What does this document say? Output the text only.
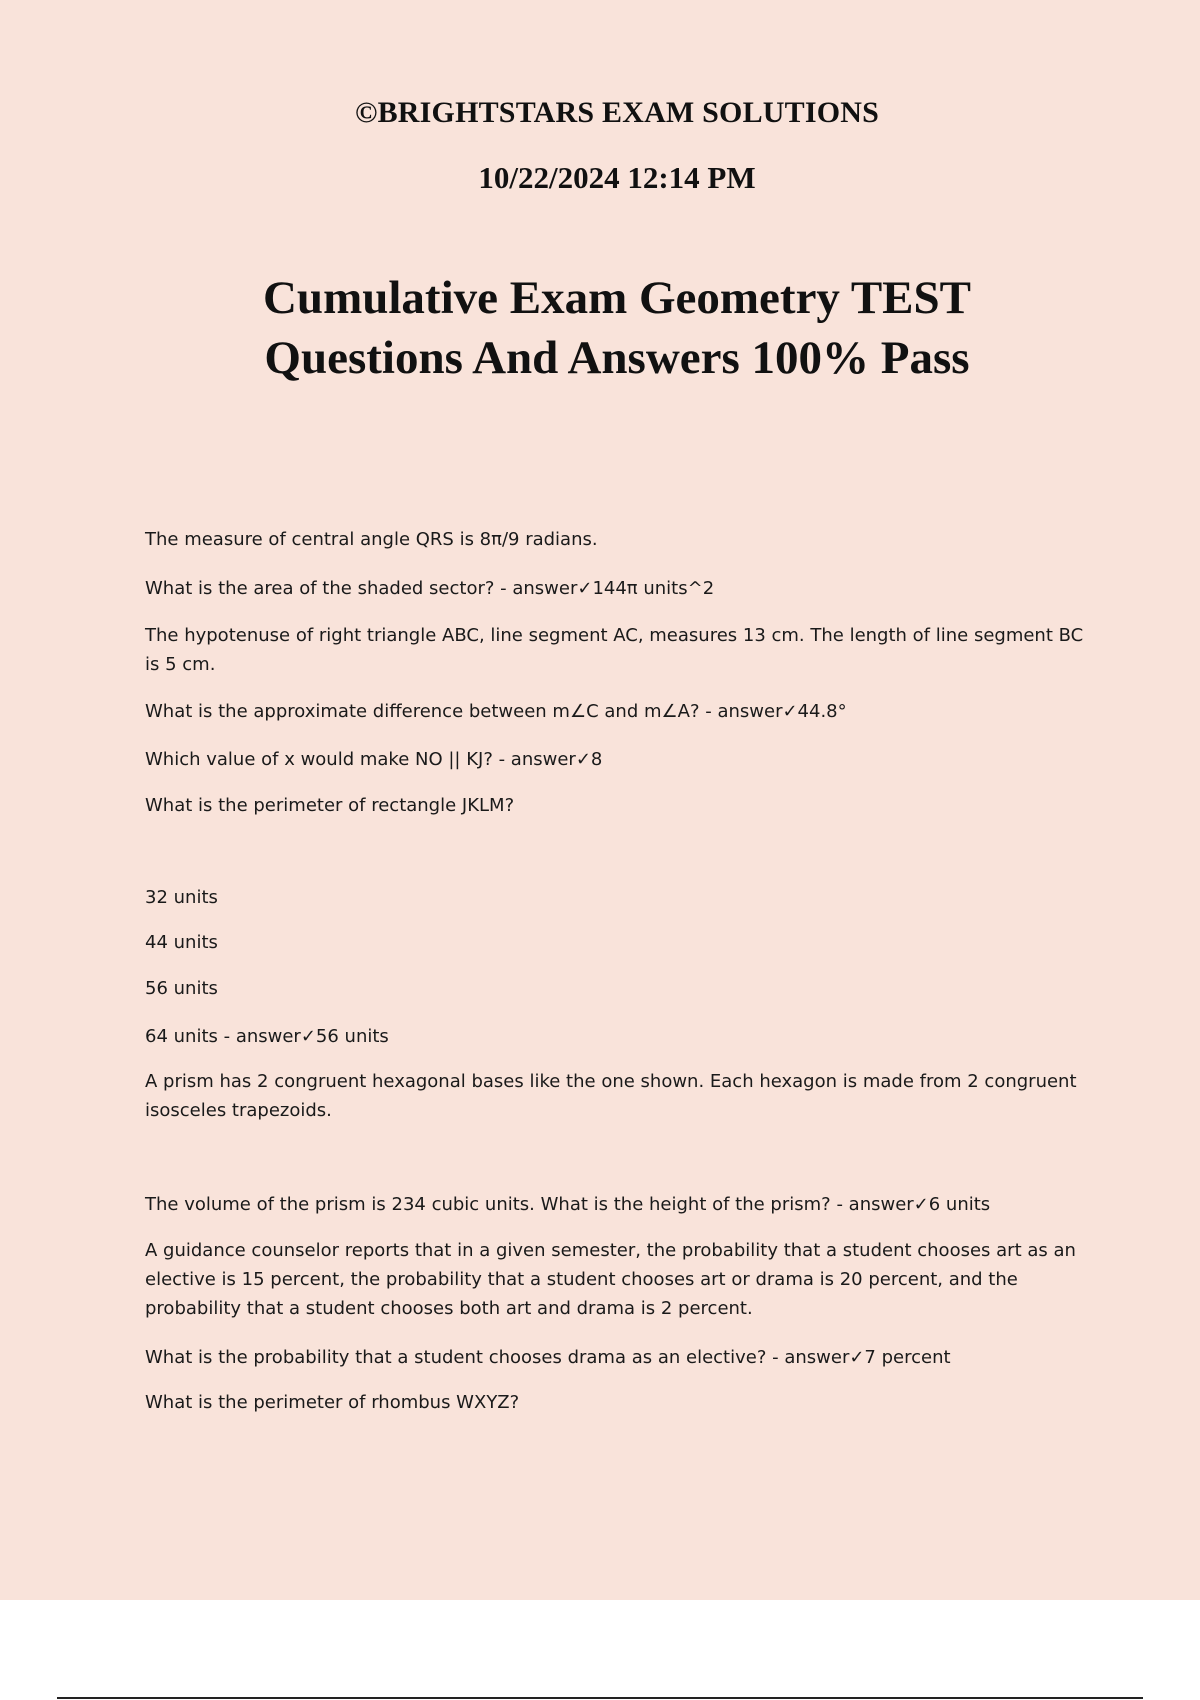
©BRIGHTSTARS EXAM SOLUTIONS
10/22/2024 12:14 PM
Cumulative Exam Geometry TEST
Questions And Answers 100% Pass

The measure of central angle QRS is 8π/9 radians.

What is the area of the shaded sector? - answer✓144π units^2

The hypotenuse of right triangle ABC, line segment AC, measures 13 cm. The length of line segment BC is 5 cm.

What is the approximate difference between m∠C and m∠A? - answer✓44.8°

Which value of x would make NO || KJ? - answer✓8

What is the perimeter of rectangle JKLM?

32 units

44 units

56 units

64 units - answer✓56 units

A prism has 2 congruent hexagonal bases like the one shown. Each hexagon is made from 2 congruent isosceles trapezoids.

The volume of the prism is 234 cubic units. What is the height of the prism? - answer✓6 units

A guidance counselor reports that in a given semester, the probability that a student chooses art as an elective is 15 percent, the probability that a student chooses art or drama is 20 percent, and the probability that a student chooses both art and drama is 2 percent.

What is the probability that a student chooses drama as an elective? - answer✓7 percent

What is the perimeter of rhombus WXYZ?
